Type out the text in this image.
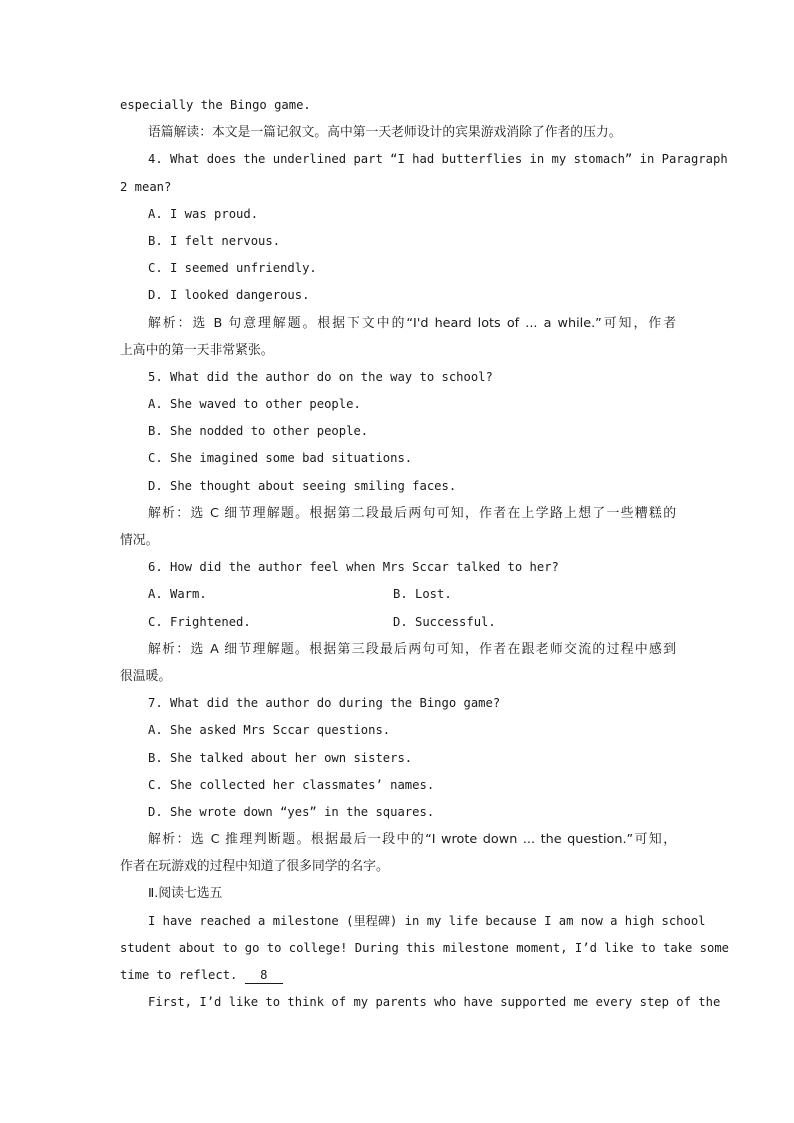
especially the Bingo game.
语篇解读：本文是一篇记叙文。高中第一天老师设计的宾果游戏消除了作者的压力。
4. What does the underlined part “I had butterflies in my stomach” in Paragraph
2 mean?
A. I was proud.
B. I felt nervous.
C. I seemed unfriendly.
D. I looked dangerous.
解析：选 B 句意理解题。根据下文中的“I'd heard lots of ... a while.”可知，作者
上高中的第一天非常紧张。
5. What did the author do on the way to school?
A. She waved to other people.
B. She nodded to other people.
C. She imagined some bad situations.
D. She thought about seeing smiling faces.
解析：选 C 细节理解题。根据第二段最后两句可知，作者在上学路上想了一些糟糕的
情况。
6. How did the author feel when Mrs Sccar talked to her?
A. Warm.	B. Lost.
C. Frightened.	D. Successful.
解析：选 A 细节理解题。根据第三段最后两句可知，作者在跟老师交流的过程中感到
很温暖。
7. What did the author do during the Bingo game?
A. She asked Mrs Sccar questions.
B. She talked about her own sisters.
C. She collected her classmates’ names.
D. She wrote down “yes” in the squares.
解析：选 C 推理判断题。根据最后一段中的“I wrote down ... the question.”可知，
作者在玩游戏的过程中知道了很多同学的名字。
Ⅱ.阅读七选五
I have reached a milestone (里程碑) in my life because I am now a high school
student about to go to college! During this milestone moment, I’d like to take some
time to reflect. 8
First, I’d like to think of my parents who have supported me every step of the
